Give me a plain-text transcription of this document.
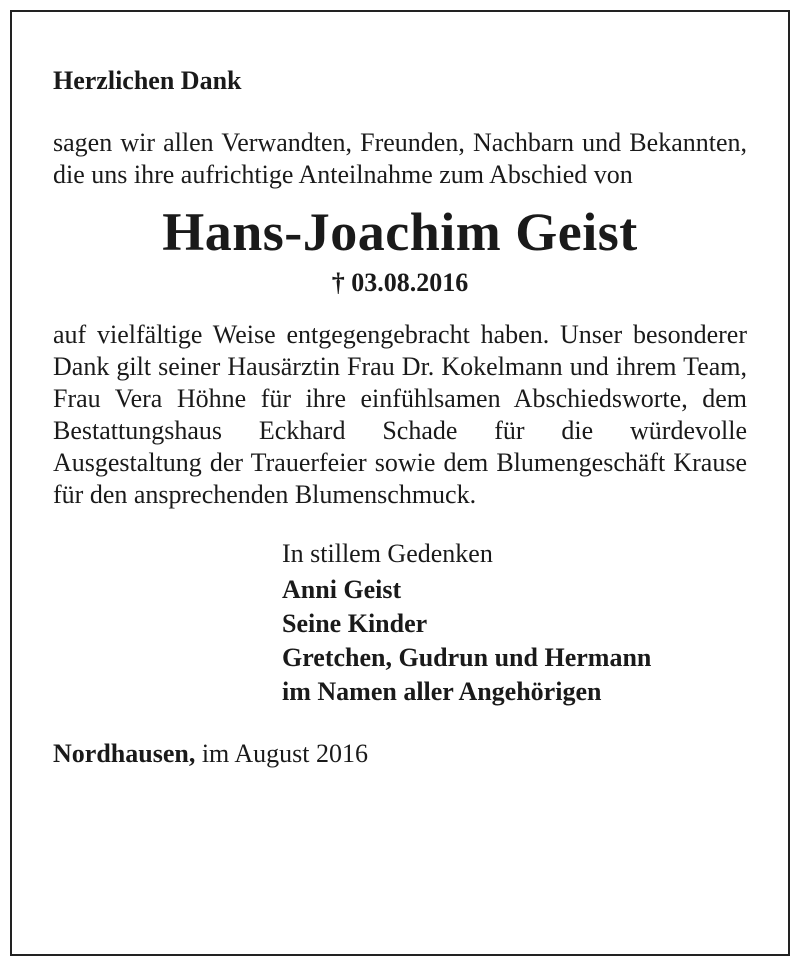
Herzlichen Dank

sagen wir allen Verwandten, Freunden, Nachbarn und Bekannten, die uns ihre aufrichtige Anteilnahme zum Abschied von

Hans-Joachim Geist

† 03.08.2016

auf vielfältige Weise entgegengebracht haben. Unser besonderer Dank gilt seiner Hausärztin Frau Dr. Kokelmann und ihrem Team, Frau Vera Höhne für ihre einfühlsamen Abschiedsworte, dem Bestattungshaus Eckhard Schade für die würdevolle Ausgestaltung der Trauerfeier sowie dem Blumengeschäft Krause für den ansprechenden Blumenschmuck.

In stillem Gedenken

Anni Geist

Seine Kinder

Gretchen, Gudrun und Hermann

im Namen aller Angehörigen

Nordhausen, im August 2016
